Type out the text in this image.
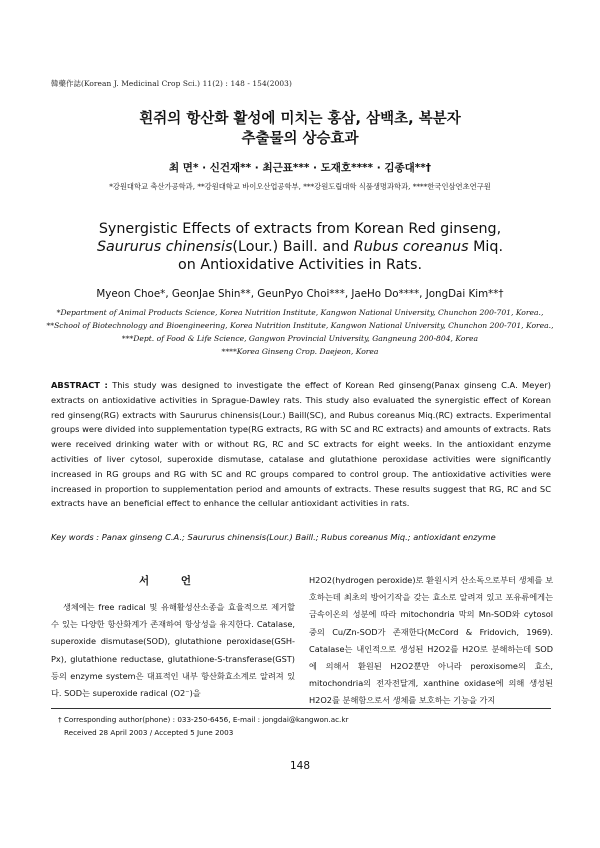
韓藥作誌(Korean J. Medicinal Crop Sci.) 11(2) : 148 - 154(2003)
흰쥐의 항산화 활성에 미치는 홍삼, 삼백초, 복분자
추출물의 상승효과
최 면* · 신건재** · 최근표*** · 도재호**** · 김종대**†
*강원대학교 축산가공학과, **강원대학교 바이오산업공학부, ***강원도립대학 식품생명과학과, ****한국인삼연초연구원
Synergistic Effects of extracts from Korean Red ginseng,
Saururus chinensis(Lour.) Baill. and Rubus coreanus Miq.
on Antioxidative Activities in Rats.
Myeon Choe*, GeonJae Shin**, GeunPyo Choi***, JaeHo Do****, JongDai Kim**†
*Department of Animal Products Science, Korea Nutrition Institute, Kangwon National University, Chunchon 200-701, Korea.,
**School of Biotechnology and Bioengineering, Korea Nutrition Institute, Kangwon National University, Chunchon 200-701, Korea.,
***Dept. of Food & Life Science, Gangwon Provincial University, Gangneung 200-804, Korea
****Korea Ginseng Crop. Daejeon, Korea
ABSTRACT : This study was designed to investigate the effect of Korean Red ginseng(Panax ginseng C.A. Meyer) extracts on antioxidative activities in Sprague-Dawley rats. This study also evaluated the synergistic effect of Korean red ginseng(RG) extracts with Saururus chinensis(Lour.) Baill(SC), and Rubus coreanus Miq.(RC) extracts. Experimental groups were divided into supplementation type(RG extracts, RG with SC and RC extracts) and amounts of extracts. Rats were received drinking water with or without RG, RC and SC extracts for eight weeks. In the antioxidant enzyme activities of liver cytosol, superoxide dismutase, catalase and glutathione peroxidase activities were significantly increased in RG groups and RG with SC and RC groups compared to control group. The antioxidative activities were increased in proportion to supplementation period and amounts of extracts. These results suggest that RG, RC and SC extracts have an beneficial effect to enhance the cellular antioxidant activities in rats.
Key words : Panax ginseng C.A.; Saururus chinensis(Lour.) Baill.; Rubus coreanus Miq.; antioxidant enzyme
서 언
생체에는 free radical 및 유해활성산소종을 효율적으로 제거할 수 있는 다양한 항산화계가 존재하여 항상성을 유지한다. Catalase, superoxide dismutase(SOD), glutathione peroxidase(GSH-Px), glutathione reductase, glutathione-S-transferase(GST) 등의 enzyme system은 대표적인 내부 항산화효소계로 알려져 있다. SOD는 superoxide radical (O2⁻)을
H2O2(hydrogen peroxide)로 환원시켜 산소독으로부터 생체를 보호하는데 최초의 방어기작을 갖는 효소로 알려져 있고 포유류에게는 금속이온의 성분에 따라 mitochondria 막의 Mn-SOD와 cytosol 중의 Cu/Zn-SOD가 존재한다(McCord & Fridovich, 1969). Catalase는 내인적으로 생성된 H2O2를 H2O로 분해하는데 SOD에 의해서 환원된 H2O2뿐만 아니라 peroxisome의 효소, mitochondria의 전자전달계, xanthine oxidase에 의해 생성된 H2O2를 분해함으로서 생체를 보호하는 기능을 가지
† Corresponding author(phone) : 033-250-6456, E-mail : jongdai@kangwon.ac.kr
Received 28 April 2003 / Accepted 5 June 2003
148
